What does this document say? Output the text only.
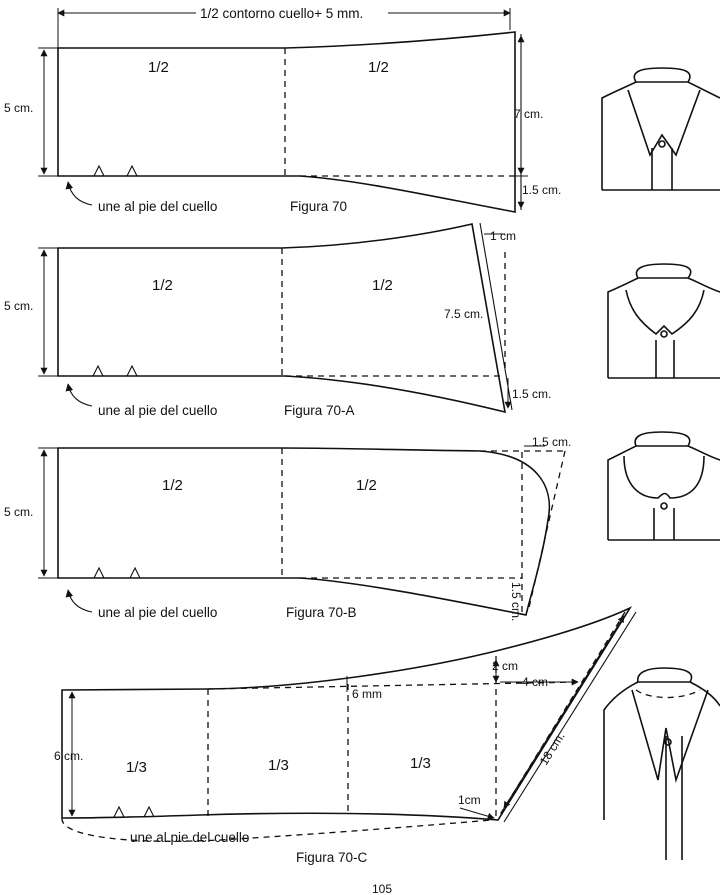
1/2 contorno cuello+ 5 mm.
1/2	1/2
5 cm.	7 cm.
1.5 cm.
une al pie del cuello	Figura 70
1/2	1/2
5 cm.
7.5 cm.
1 cm
1.5 cm.
une al pie del cuello	Figura 70-A
1/2	1/2
5 cm.
1.5 cm.
1.5 cm.
une al pie del cuello	Figura 70-B
1/3	1/3	1/3
6 cm.
2 cm
6 mm
4 cm
18 cm.
1cm
une al pie del cuello
Figura 70-C
105
